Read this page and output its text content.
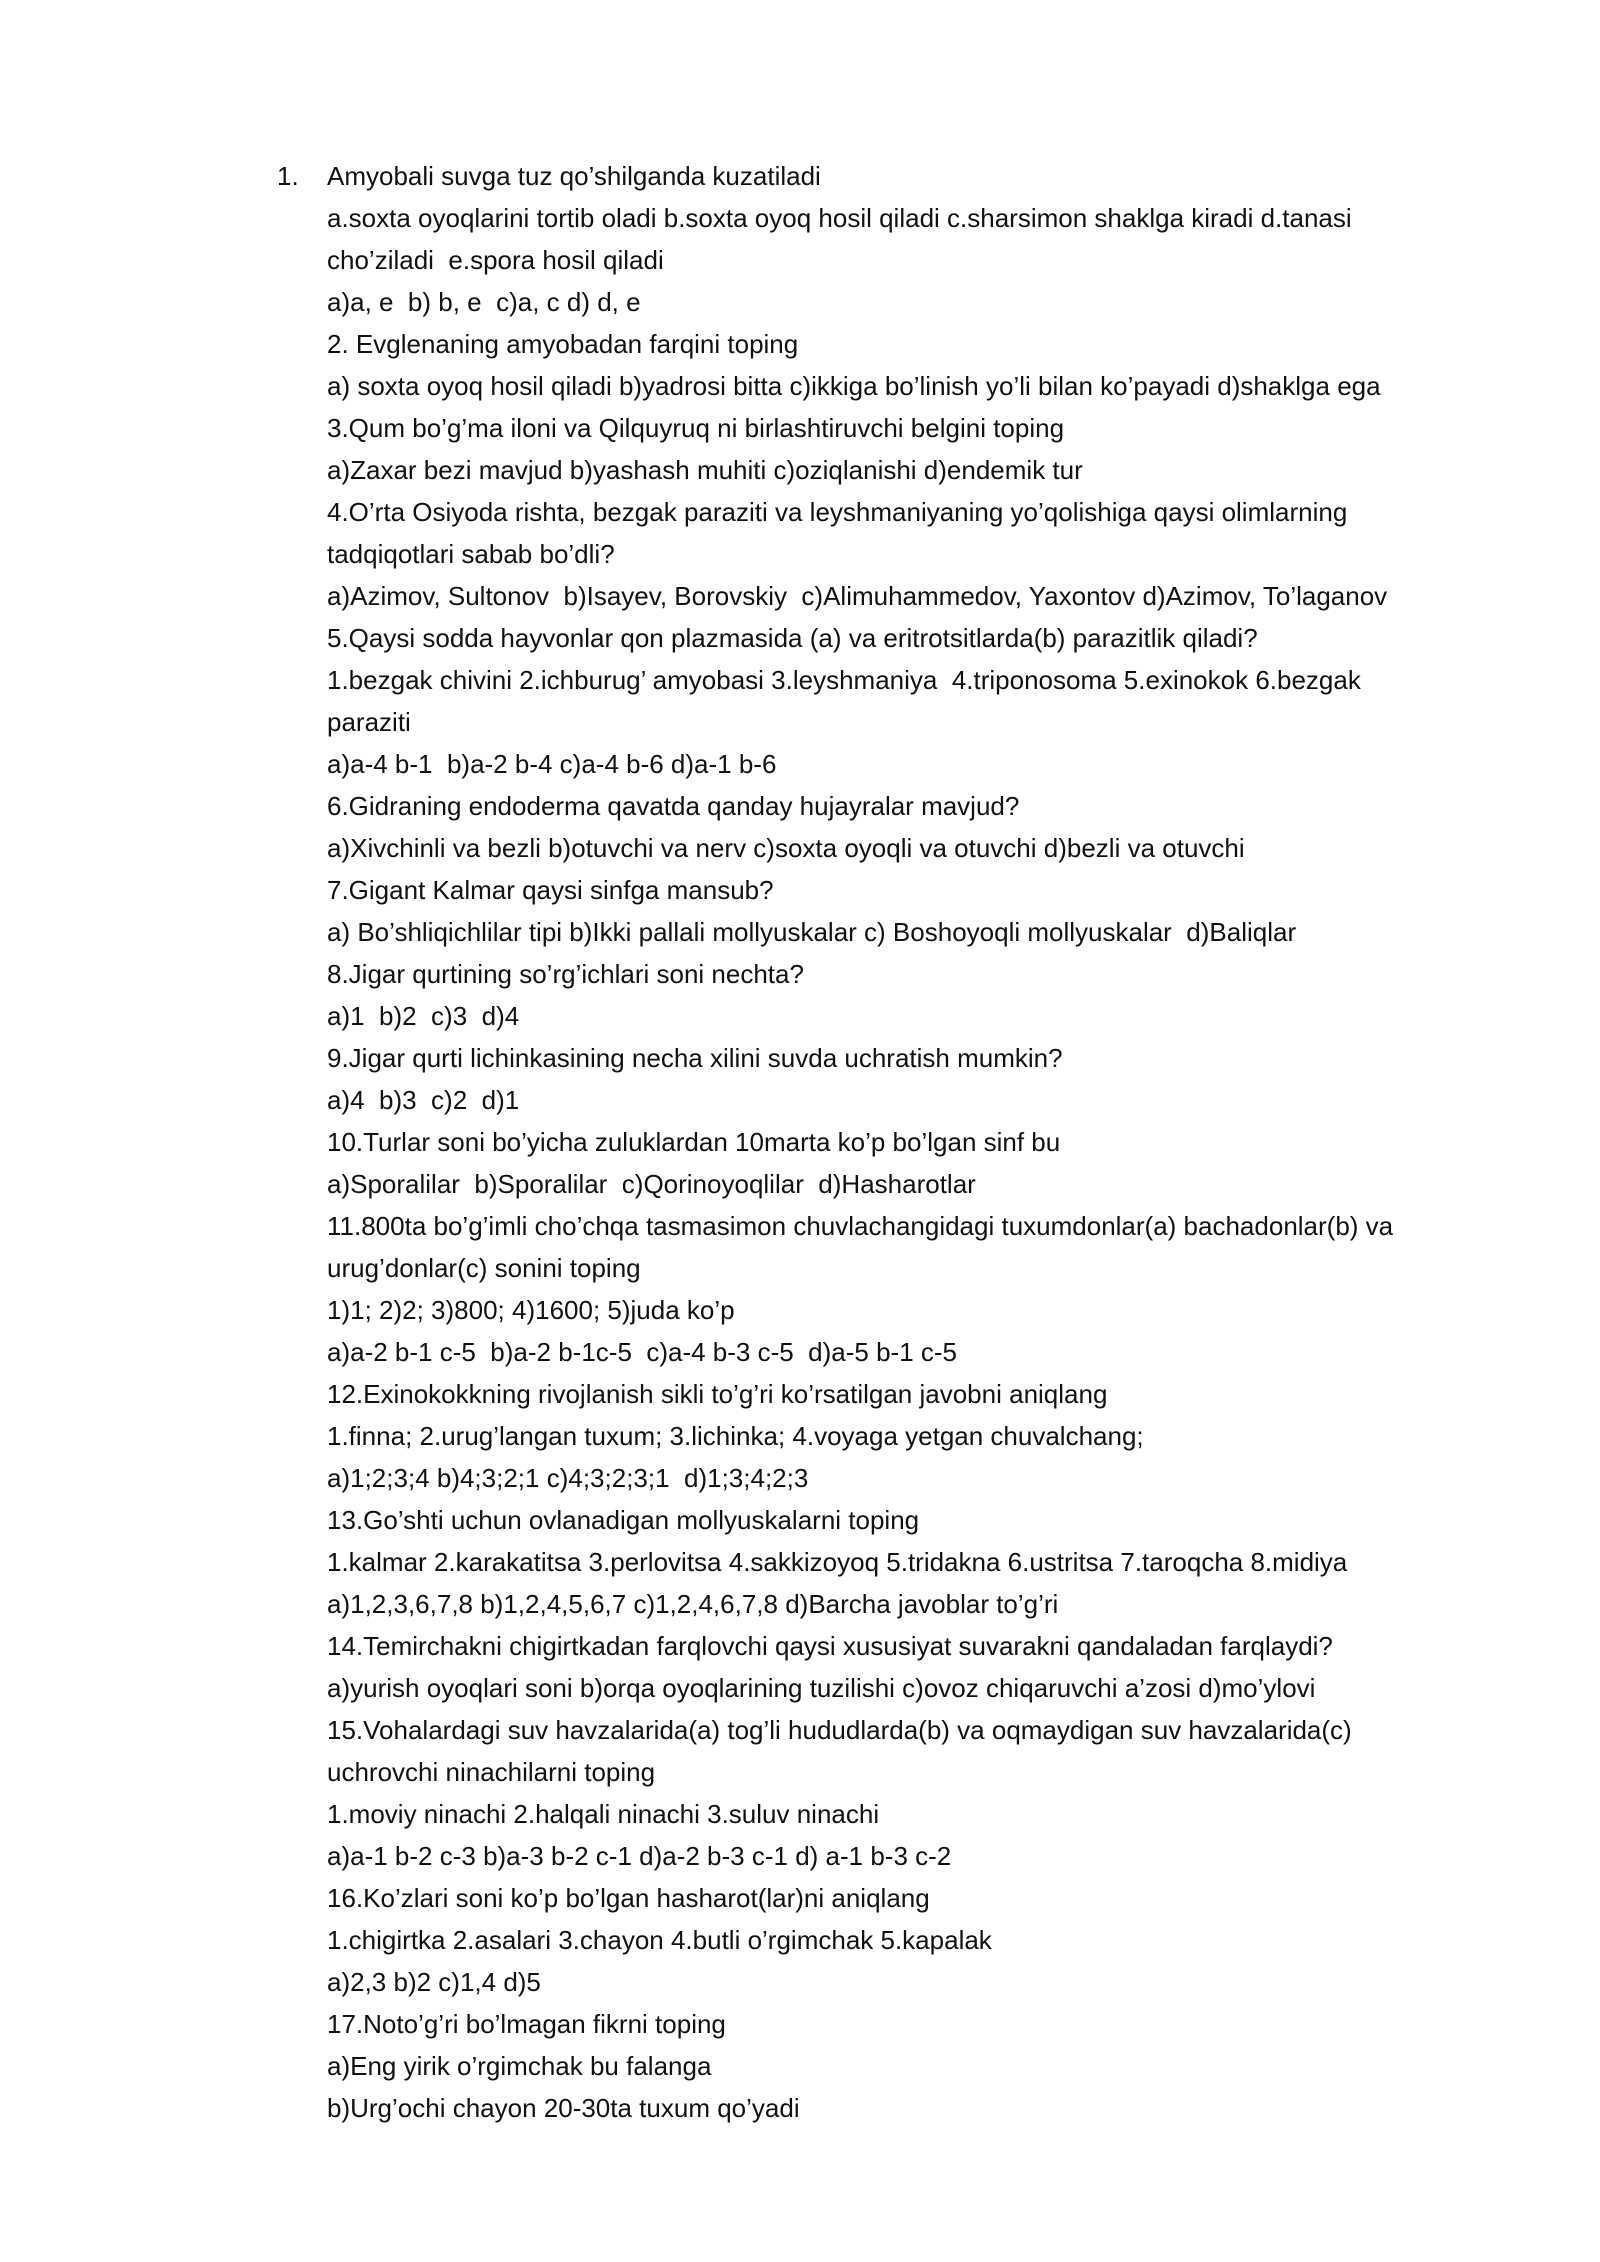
1. Amyobali suvga tuz qo’shilganda kuzatiladi
a.soxta oyoqlarini tortib oladi b.soxta oyoq hosil qiladi c.sharsimon shaklga kiradi d.tanasi
cho’ziladi  e.spora hosil qiladi
a)a, e  b) b, e  c)a, c d) d, e
2. Evglenaning amyobadan farqini toping
a) soxta oyoq hosil qiladi b)yadrosi bitta c)ikkiga bo’linish yo’li bilan ko’payadi d)shaklga ega
3.Qum bo’g’ma iloni va Qilquyruq ni birlashtiruvchi belgini toping
a)Zaxar bezi mavjud b)yashash muhiti c)oziqlanishi d)endemik tur
4.O’rta Osiyoda rishta, bezgak paraziti va leyshmaniyaning yo’qolishiga qaysi olimlarning
tadqiqotlari sabab bo’dli?
a)Azimov, Sultonov  b)Isayev, Borovskiy  c)Alimuhammedov, Yaxontov d)Azimov, To’laganov
5.Qaysi sodda hayvonlar qon plazmasida (a) va eritrotsitlarda(b) parazitlik qiladi?
1.bezgak chivini 2.ichburug’ amyobasi 3.leyshmaniya  4.triponosoma 5.exinokok 6.bezgak
paraziti
a)a-4 b-1  b)a-2 b-4 c)a-4 b-6 d)a-1 b-6
6.Gidraning endoderma qavatda qanday hujayralar mavjud?
a)Xivchinli va bezli b)otuvchi va nerv c)soxta oyoqli va otuvchi d)bezli va otuvchi
7.Gigant Kalmar qaysi sinfga mansub?
a) Bo’shliqichlilar tipi b)Ikki pallali mollyuskalar c) Boshoyoqli mollyuskalar  d)Baliqlar
8.Jigar qurtining so’rg’ichlari soni nechta?
a)1  b)2  c)3  d)4
9.Jigar qurti lichinkasining necha xilini suvda uchratish mumkin?
a)4  b)3  c)2  d)1
10.Turlar soni bo’yicha zuluklardan 10marta ko’p bo’lgan sinf bu
a)Sporalilar  b)Sporalilar  c)Qorinoyoqlilar  d)Hasharotlar
11.800ta bo’g’imli cho’chqa tasmasimon chuvlachangidagi tuxumdonlar(a) bachadonlar(b) va
urug’donlar(c) sonini toping
1)1; 2)2; 3)800; 4)1600; 5)juda ko’p
a)a-2 b-1 c-5  b)a-2 b-1c-5  c)a-4 b-3 c-5  d)a-5 b-1 c-5
12.Exinokokkning rivojlanish sikli to’g’ri ko’rsatilgan javobni aniqlang
1.finna; 2.urug’langan tuxum; 3.lichinka; 4.voyaga yetgan chuvalchang;
a)1;2;3;4 b)4;3;2;1 c)4;3;2;3;1  d)1;3;4;2;3
13.Go’shti uchun ovlanadigan mollyuskalarni toping
1.kalmar 2.karakatitsa 3.perlovitsa 4.sakkizoyoq 5.tridakna 6.ustritsa 7.taroqcha 8.midiya
a)1,2,3,6,7,8 b)1,2,4,5,6,7 c)1,2,4,6,7,8 d)Barcha javoblar to’g’ri
14.Temirchakni chigirtkadan farqlovchi qaysi xususiyat suvarakni qandaladan farqlaydi?
a)yurish oyoqlari soni b)orqa oyoqlarining tuzilishi c)ovoz chiqaruvchi a’zosi d)mo’ylovi
15.Vohalardagi suv havzalarida(a) tog’li hududlarda(b) va oqmaydigan suv havzalarida(c)
uchrovchi ninachilarni toping
1.moviy ninachi 2.halqali ninachi 3.suluv ninachi
a)a-1 b-2 c-3 b)a-3 b-2 c-1 d)a-2 b-3 c-1 d) a-1 b-3 c-2
16.Ko’zlari soni ko’p bo’lgan hasharot(lar)ni aniqlang
1.chigirtka 2.asalari 3.chayon 4.butli o’rgimchak 5.kapalak
a)2,3 b)2 c)1,4 d)5
17.Noto’g’ri bo’lmagan fikrni toping
a)Eng yirik o’rgimchak bu falanga
b)Urg’ochi chayon 20-30ta tuxum qo’yadi
